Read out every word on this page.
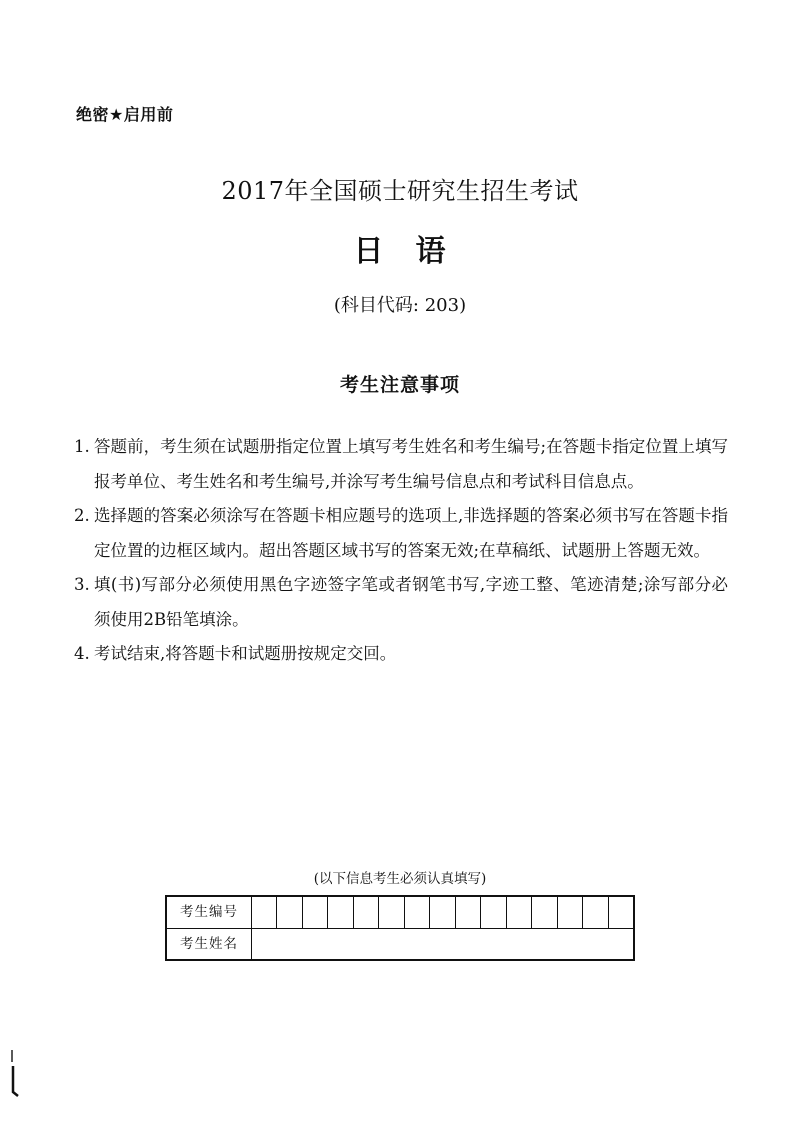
绝密★启用前
2017年全国硕士研究生招生考试
日　语
(科目代码: 203)
考生注意事项
1. 答题前，考生须在试题册指定位置上填写考生姓名和考生编号;在答题卡指定位置上填写报考单位、考生姓名和考生编号,并涂写考生编号信息点和考试科目信息点。
2. 选择题的答案必须涂写在答题卡相应题号的选项上,非选择题的答案必须书写在答题卡指定位置的边框区域内。超出答题区域书写的答案无效;在草稿纸、试题册上答题无效。
3. 填(书)写部分必须使用黑色字迹签字笔或者钢笔书写,字迹工整、笔迹清楚;涂写部分必须使用2B铅笔填涂。
4. 考试结束,将答题卡和试题册按规定交回。
(以下信息考生必须认真填写)
考生编号
考生姓名
